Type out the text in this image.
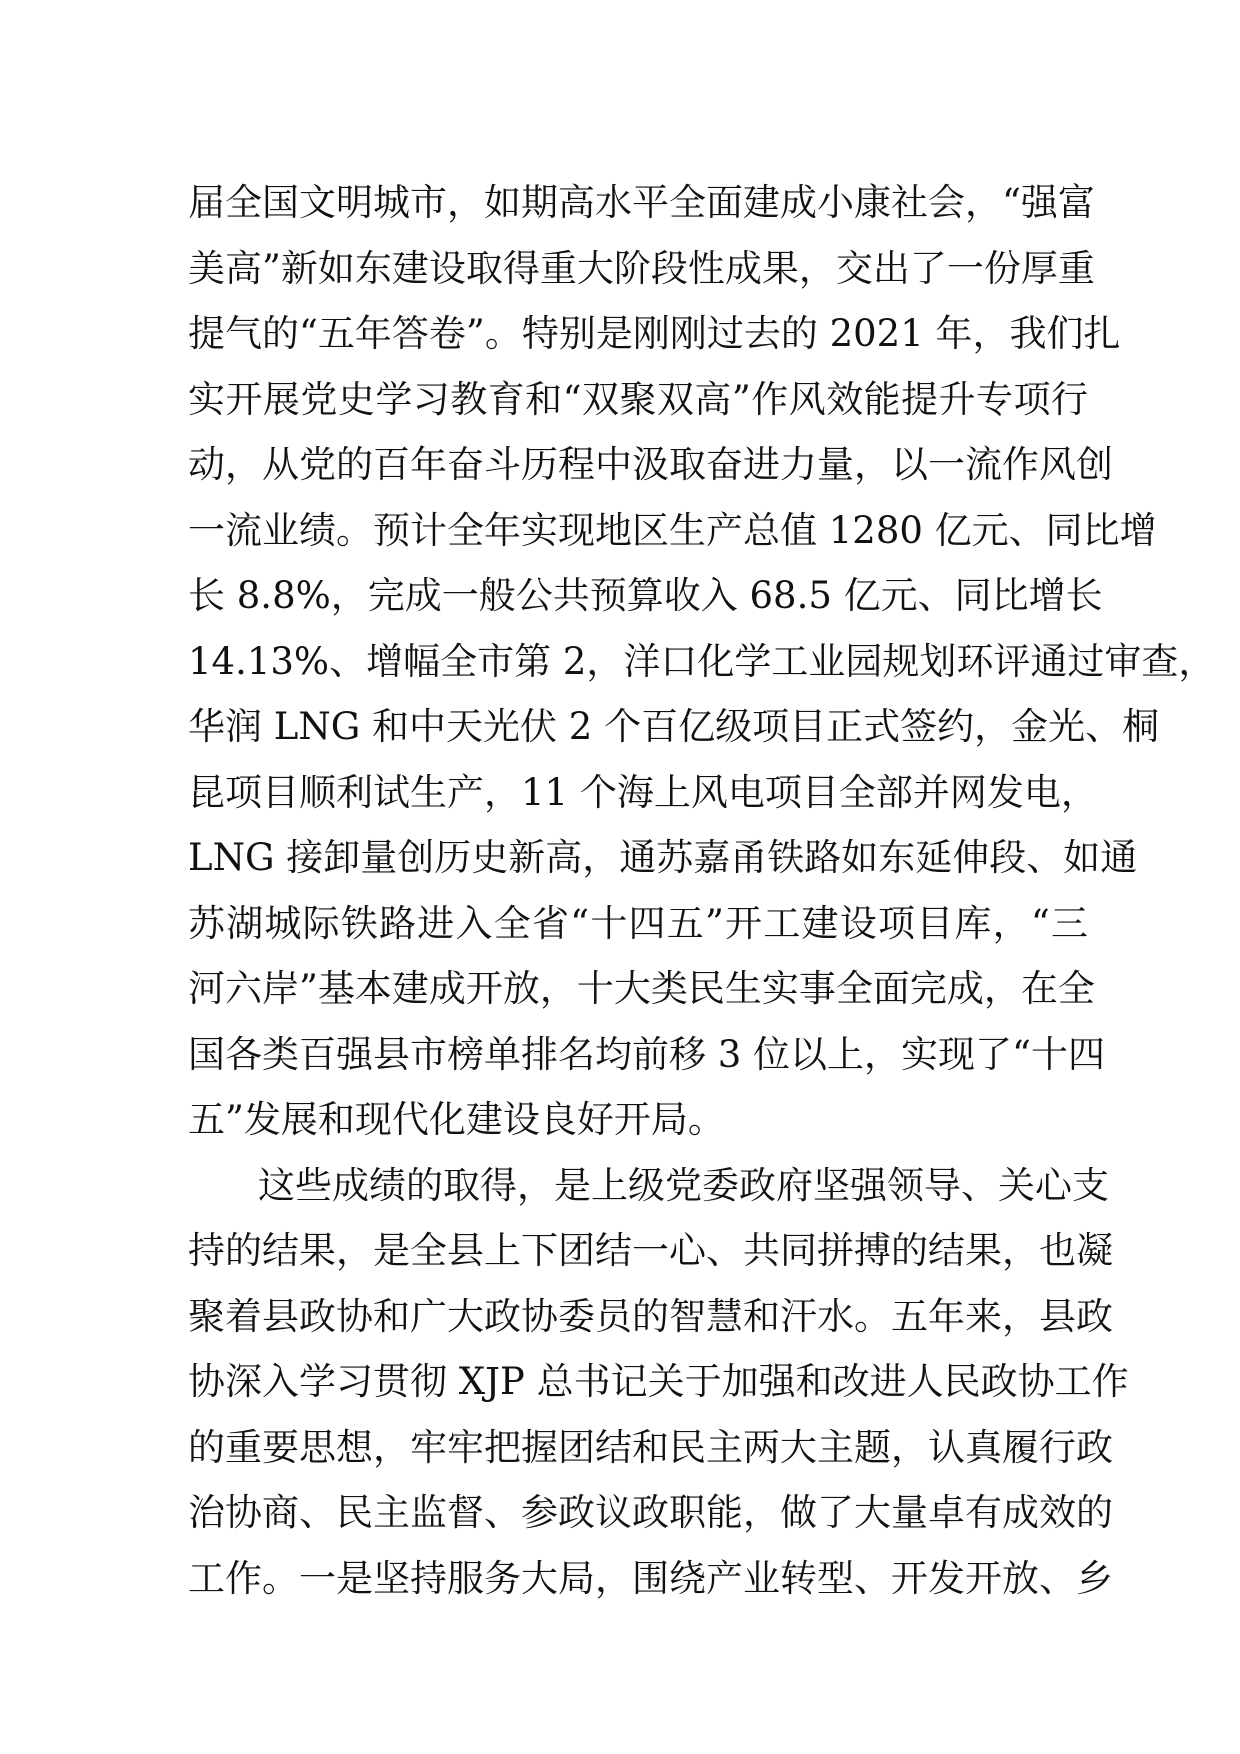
届全国文明城市，如期高水平全面建成小康社会，“强富
美高”新如东建设取得重大阶段性成果，交出了一份厚重
提气的“五年答卷”。特别是刚刚过去的 2021 年，我们扎
实开展党史学习教育和“双聚双高”作风效能提升专项行
动，从党的百年奋斗历程中汲取奋进力量，以一流作风创
一流业绩。预计全年实现地区生产总值 1280 亿元、同比增
长 8.8%，完成一般公共预算收入 68.5 亿元、同比增长
14.13%、增幅全市第 2，洋口化学工业园规划环评通过审查，
华润 LNG 和中天光伏 2 个百亿级项目正式签约，金光、桐
昆项目顺利试生产，11 个海上风电项目全部并网发电，
LNG 接卸量创历史新高，通苏嘉甬铁路如东延伸段、如通
苏湖城际铁路进入全省“十四五”开工建设项目库，“三
河六岸”基本建成开放，十大类民生实事全面完成，在全
国各类百强县市榜单排名均前移 3 位以上，实现了“十四
五”发展和现代化建设良好开局。
这些成绩的取得，是上级党委政府坚强领导、关心支
持的结果，是全县上下团结一心、共同拼搏的结果，也凝
聚着县政协和广大政协委员的智慧和汗水。五年来，县政
协深入学习贯彻 XJP 总书记关于加强和改进人民政协工作
的重要思想，牢牢把握团结和民主两大主题，认真履行政
治协商、民主监督、参政议政职能，做了大量卓有成效的
工作。一是坚持服务大局，围绕产业转型、开发开放、乡
